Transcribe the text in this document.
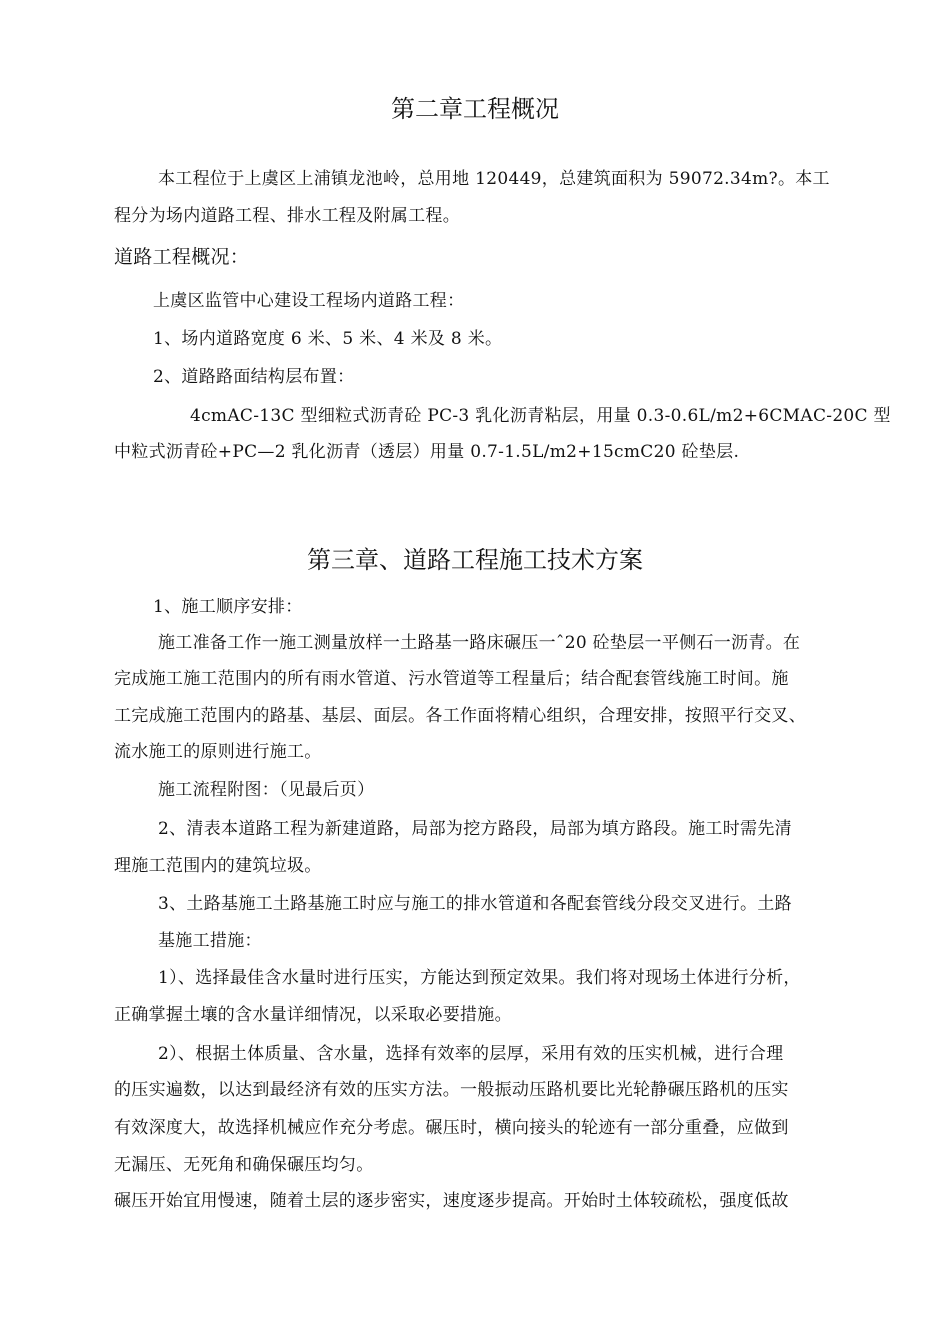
第二章工程概况
本工程位于上虞区上浦镇龙池岭，总用地 120449，总建筑面积为 59072.34m?。本工
程分为场内道路工程、排水工程及附属工程。
道路工程概况：
上虞区监管中心建设工程场内道路工程：
1、场内道路宽度 6 米、5 米、4 米及 8 米。
2、道路路面结构层布置：
4cmAC-13C 型细粒式沥青砼 PC-3 乳化沥青粘层，用量 0.3-0.6L/m2+6CMAC-20C 型
中粒式沥青砼+PC—2 乳化沥青（透层）用量 0.7-1.5L/m2+15cmC20 砼垫层.
第三章、道路工程施工技术方案
1、施工顺序安排：
施工准备工作一施工测量放样一土路基一路床碾压一ˆ20 砼垫层一平侧石一沥青。在
完成施工施工范围内的所有雨水管道、污水管道等工程量后；结合配套管线施工时间。施
工完成施工范围内的路基、基层、面层。各工作面将精心组织，合理安排，按照平行交叉、
流水施工的原则进行施工。
施工流程附图：（见最后页）
2、清表本道路工程为新建道路，局部为挖方路段，局部为填方路段。施工时需先清
理施工范围内的建筑垃圾。
3、土路基施工土路基施工时应与施工的排水管道和各配套管线分段交叉进行。土路
基施工措施：
1）、选择最佳含水量时进行压实，方能达到预定效果。我们将对现场土体进行分析，
正确掌握土壤的含水量详细情况，以采取必要措施。
2）、根据土体质量、含水量，选择有效率的层厚，采用有效的压实机械，进行合理
的压实遍数，以达到最经济有效的压实方法。一般振动压路机要比光轮静碾压路机的压实
有效深度大，故选择机械应作充分考虑。碾压时，横向接头的轮迹有一部分重叠，应做到
无漏压、无死角和确保碾压均匀。
碾压开始宜用慢速，随着土层的逐步密实，速度逐步提高。开始时土体较疏松，强度低故
